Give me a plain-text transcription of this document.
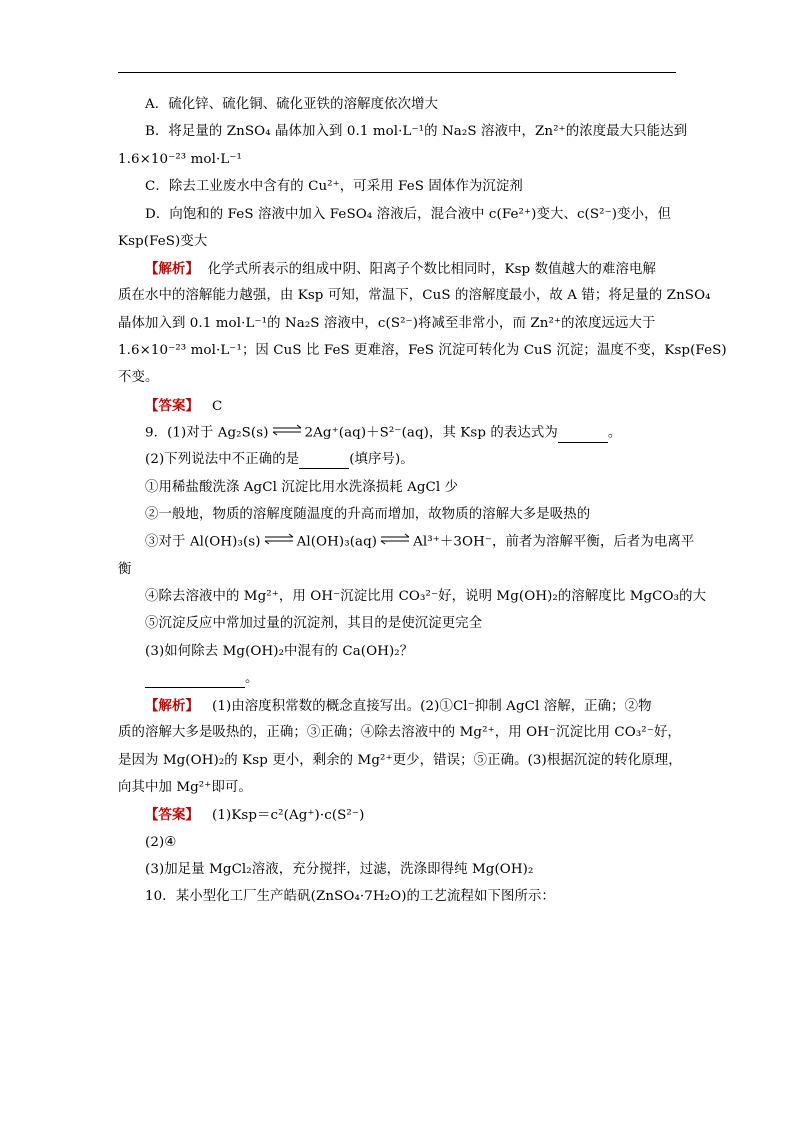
A．硫化锌、硫化铜、硫化亚铁的溶解度依次增大
B．将足量的 ZnSO₄ 晶体加入到 0.1 mol·L⁻¹的 Na₂S 溶液中，Zn²⁺的浓度最大只能达到
1.6×10⁻²³ mol·L⁻¹
C．除去工业废水中含有的 Cu²⁺，可采用 FeS 固体作为沉淀剂
D．向饱和的 FeS 溶液中加入 FeSO₄ 溶液后，混合液中 c(Fe²⁺)变大、c(S²⁻)变小，但
Ksp(FeS)变大
【解析】 化学式所表示的组成中阴、阳离子个数比相同时，Ksp 数值越大的难溶电解
质在水中的溶解能力越强，由 Ksp 可知，常温下，CuS 的溶解度最小，故 A 错；将足量的 ZnSO₄
晶体加入到 0.1 mol·L⁻¹的 Na₂S 溶液中，c(S²⁻)将减至非常小，而 Zn²⁺的浓度远远大于
1.6×10⁻²³ mol·L⁻¹；因 CuS 比 FeS 更难溶，FeS 沉淀可转化为 CuS 沉淀；温度不变，Ksp(FeS)
不变。
【答案】 C
9．(1)对于 Ag₂S(s)⇌2Ag⁺(aq)＋S²⁻(aq)，其 Ksp 的表达式为	。
(2)下列说法中不正确的是	(填序号)。
①用稀盐酸洗涤 AgCl 沉淀比用水洗涤损耗 AgCl 少
②一般地，物质的溶解度随温度的升高而增加，故物质的溶解大多是吸热的
③对于 Al(OH)₃(s)⇌Al(OH)₃(aq)⇌Al³⁺＋3OH⁻，前者为溶解平衡，后者为电离平
衡
④除去溶液中的 Mg²⁺，用 OH⁻沉淀比用 CO₃²⁻好，说明 Mg(OH)₂的溶解度比 MgCO₃的大
⑤沉淀反应中常加过量的沉淀剂，其目的是使沉淀更完全
(3)如何除去 Mg(OH)₂中混有的 Ca(OH)₂？
。
【解析】 (1)由溶度积常数的概念直接写出。(2)①Cl⁻抑制 AgCl 溶解，正确；②物
质的溶解大多是吸热的，正确；③正确；④除去溶液中的 Mg²⁺，用 OH⁻沉淀比用 CO₃²⁻好，
是因为 Mg(OH)₂的 Ksp 更小，剩余的 Mg²⁺更少，错误；⑤正确。(3)根据沉淀的转化原理，
向其中加 Mg²⁺即可。
【答案】 (1)Ksp＝c²(Ag⁺)·c(S²⁻)
(2)④
(3)加足量 MgCl₂溶液，充分搅拌，过滤，洗涤即得纯 Mg(OH)₂
10．某小型化工厂生产皓矾(ZnSO₄·7H₂O)的工艺流程如下图所示：
